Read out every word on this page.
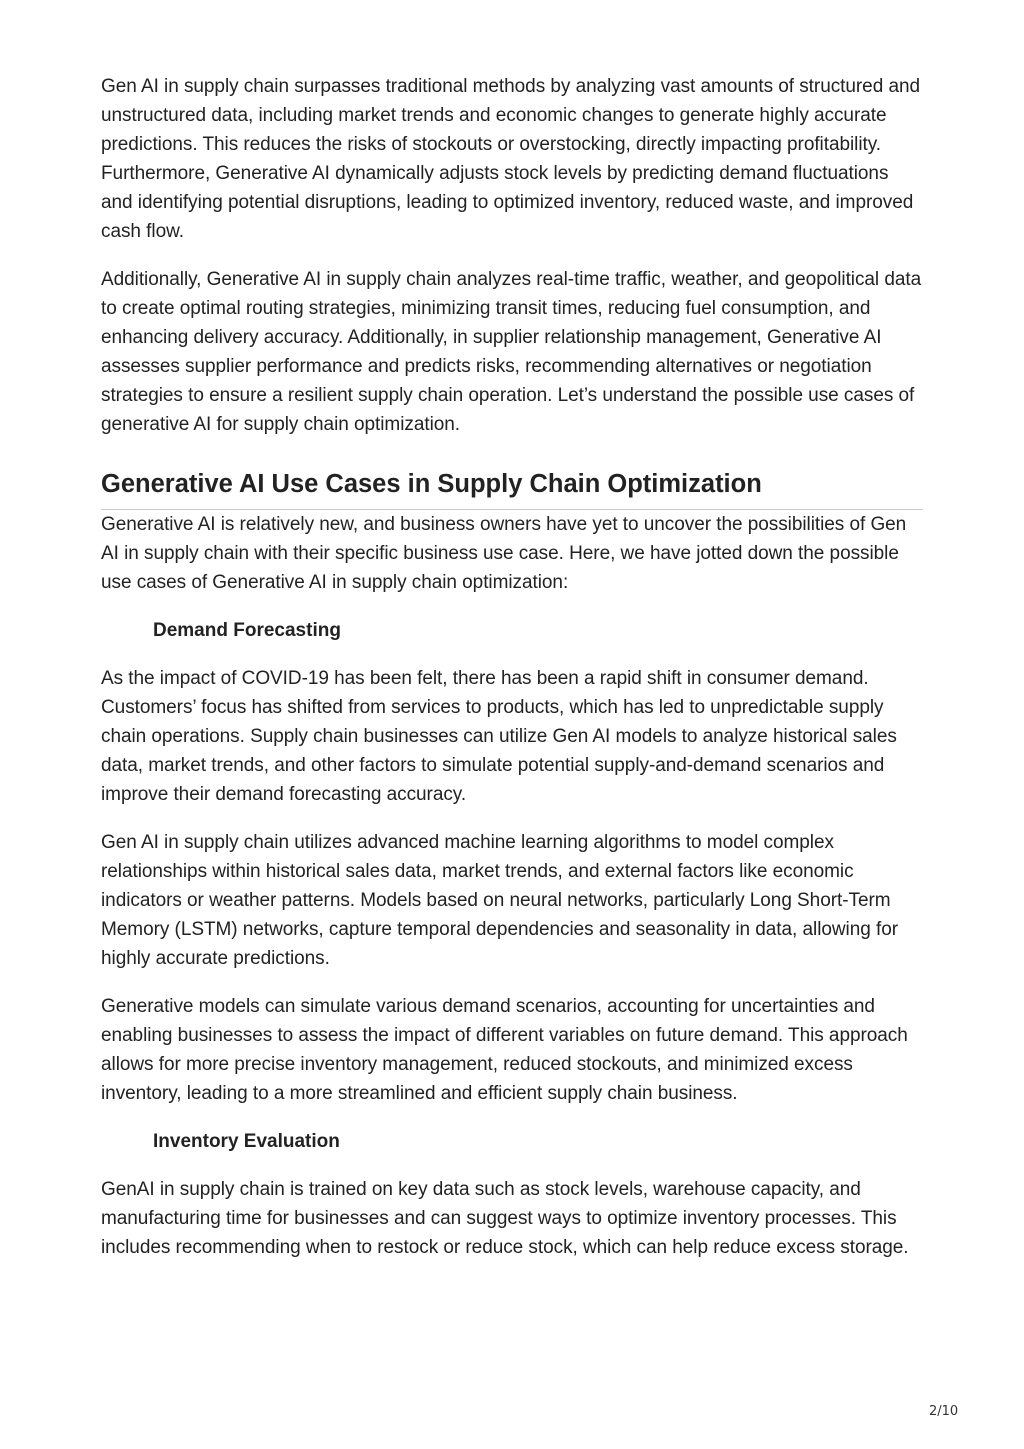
Gen AI in supply chain surpasses traditional methods by analyzing vast amounts of structured and unstructured data, including market trends and economic changes to generate highly accurate predictions. This reduces the risks of stockouts or overstocking, directly impacting profitability. Furthermore, Generative AI dynamically adjusts stock levels by predicting demand fluctuations and identifying potential disruptions, leading to optimized inventory, reduced waste, and improved cash flow.

Additionally, Generative AI in supply chain analyzes real-time traffic, weather, and geopolitical data to create optimal routing strategies, minimizing transit times, reducing fuel consumption, and enhancing delivery accuracy. Additionally, in supplier relationship management, Generative AI assesses supplier performance and predicts risks, recommending alternatives or negotiation strategies to ensure a resilient supply chain operation. Let’s understand the possible use cases of generative AI for supply chain optimization.

Generative AI Use Cases in Supply Chain Optimization

Generative AI is relatively new, and business owners have yet to uncover the possibilities of Gen AI in supply chain with their specific business use case. Here, we have jotted down the possible use cases of Generative AI in supply chain optimization:

Demand Forecasting

As the impact of COVID-19 has been felt, there has been a rapid shift in consumer demand. Customers’ focus has shifted from services to products, which has led to unpredictable supply chain operations. Supply chain businesses can utilize Gen AI models to analyze historical sales data, market trends, and other factors to simulate potential supply-and-demand scenarios and improve their demand forecasting accuracy.

Gen AI in supply chain utilizes advanced machine learning algorithms to model complex relationships within historical sales data, market trends, and external factors like economic indicators or weather patterns. Models based on neural networks, particularly Long Short-Term Memory (LSTM) networks, capture temporal dependencies and seasonality in data, allowing for highly accurate predictions.

Generative models can simulate various demand scenarios, accounting for uncertainties and enabling businesses to assess the impact of different variables on future demand. This approach allows for more precise inventory management, reduced stockouts, and minimized excess inventory, leading to a more streamlined and efficient supply chain business.

Inventory Evaluation

GenAI in supply chain is trained on key data such as stock levels, warehouse capacity, and manufacturing time for businesses and can suggest ways to optimize inventory processes. This includes recommending when to restock or reduce stock, which can help reduce excess storage.

2/10
